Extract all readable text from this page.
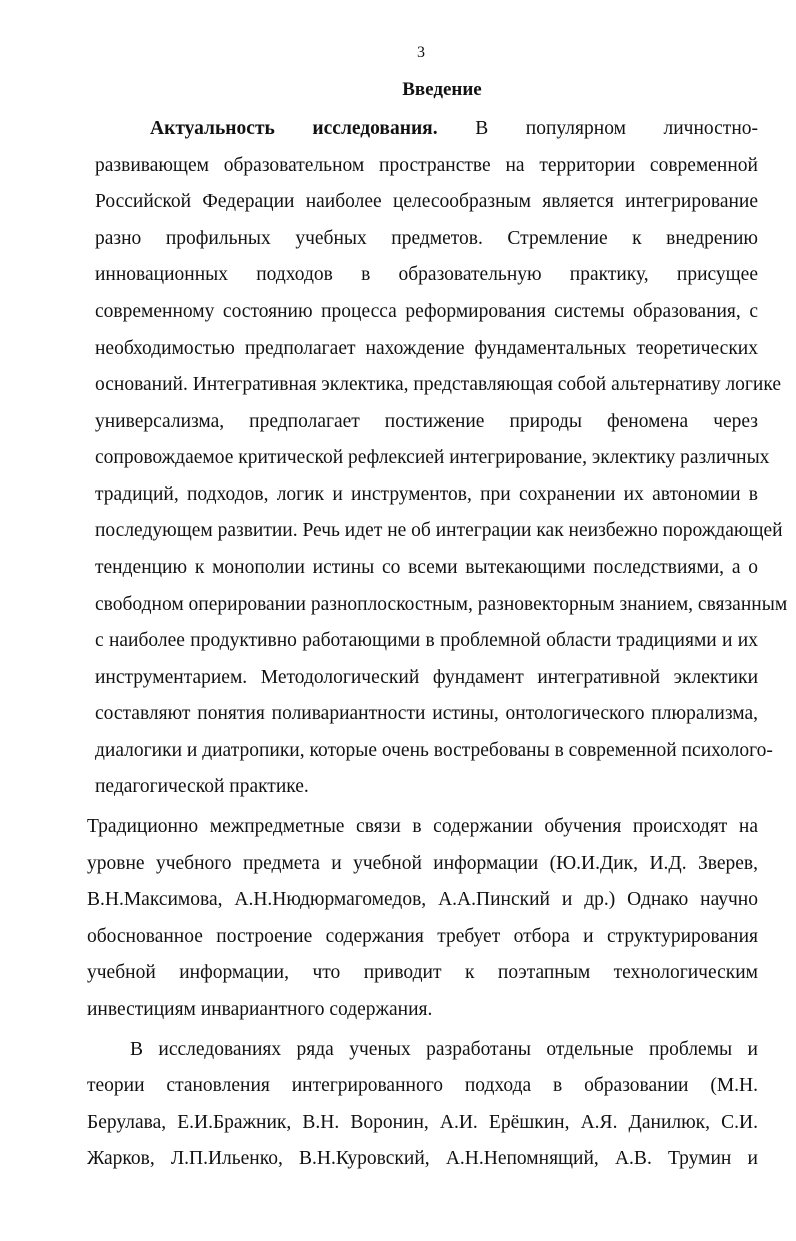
3
Введение
Актуальность исследования. В популярном личностно-
развивающем образовательном пространстве на территории современной
Российской Федерации наиболее целесообразным является интегрирование
разно профильных учебных предметов. Стремление к внедрению
инновационных подходов в образовательную практику, присущее
современному состоянию процесса реформирования системы образования, с
необходимостью предполагает нахождение фундаментальных теоретических
оснований. Интегративная эклектика, представляющая собой альтернативу логике
универсализма, предполагает постижение природы феномена через
сопровождаемое критической рефлексией интегрирование, эклектику различных
традиций, подходов, логик и инструментов, при сохранении их автономии в
последующем развитии. Речь идет не об интеграции как неизбежно порождающей
тенденцию к монополии истины со всеми вытекающими последствиями, а о
свободном оперировании разноплоскостным, разновекторным знанием, связанным
с наиболее продуктивно работающими в проблемной области традициями и их
инструментарием. Методологический фундамент интегративной эклектики
составляют понятия поливариантности истины, онтологического плюрализма,
диалогики и диатропики, которые очень востребованы в современной психолого-
педагогической практике.
Традиционно межпредметные связи в содержании обучения происходят на
уровне учебного предмета и учебной информации (Ю.И.Дик, И.Д. Зверев,
В.Н.Максимова, А.Н.Нюдюрмагомедов, А.А.Пинский и др.) Однако научно
обоснованное построение содержания требует отбора и структурирования
учебной информации, что приводит к поэтапным технологическим
инвестициям инвариантного содержания.
В исследованиях ряда ученых разработаны отдельные проблемы и
теории становления интегрированного подхода в образовании (М.Н.
Берулава, Е.И.Бражник, В.Н. Воронин, А.И. Ерёшкин, А.Я. Данилюк, С.И.
Жарков, Л.П.Ильенко, В.Н.Куровский, А.Н.Непомнящий, А.В. Трумин и
